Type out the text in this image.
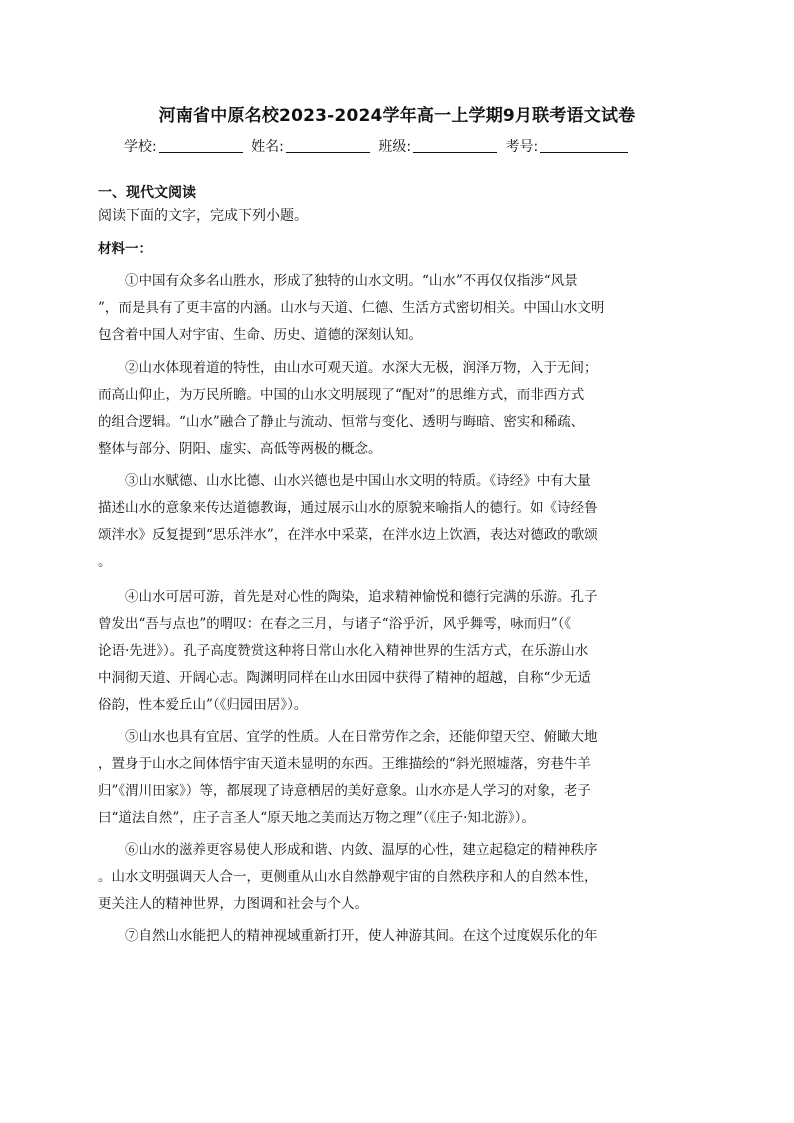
河南省中原名校2023-2024学年高一上学期9月联考语文试卷
学校:	姓名:	班级:	考号:
一、现代文阅读
阅读下面的文字，完成下列小题。
材料一：
　　①中国有众多名山胜水，形成了独特的山水文明。“山水”不再仅仅指涉“风景
”，而是具有了更丰富的内涵。山水与天道、仁德、生活方式密切相关。中国山水文明
包含着中国人对宇宙、生命、历史、道德的深刻认知。
　　②山水体现着道的特性，由山水可观天道。水深大无极，润泽万物，入于无间；
而高山仰止，为万民所瞻。中国的山水文明展现了“配对”的思维方式，而非西方式
的组合逻辑。“山水”融合了静止与流动、恒常与变化、透明与晦暗、密实和稀疏、
整体与部分、阴阳、虚实、高低等两极的概念。
　　③山水赋德、山水比德、山水兴德也是中国山水文明的特质。《诗经》中有大量
描述山水的意象来传达道德教诲，通过展示山水的原貌来喻指人的德行。如《诗经鲁
颂泮水》反复提到“思乐泮水”，在泮水中采菜，在泮水边上饮酒，表达对德政的歌颂
。
　　④山水可居可游，首先是对心性的陶染，追求精神愉悦和德行完满的乐游。孔子
曾发出“吾与点也”的喟叹：在春之三月，与诸子“浴乎沂，风乎舞雩，咏而归”（《
论语·先进》）。孔子高度赞赏这种将日常山水化入精神世界的生活方式，在乐游山水
中洞彻天道、开阔心志。陶渊明同样在山水田园中获得了精神的超越，自称“少无适
俗韵，性本爱丘山”（《归园田居》）。
　　⑤山水也具有宜居、宜学的性质。人在日常劳作之余，还能仰望天空、俯瞰大地
，置身于山水之间体悟宇宙天道未显明的东西。王维描绘的“斜光照墟落，穷巷牛羊
归”《渭川田家》）等，都展现了诗意栖居的美好意象。山水亦是人学习的对象，老子
曰“道法自然”，庄子言圣人“原天地之美而达万物之理”（《庄子·知北游》）。
　　⑥山水的滋养更容易使人形成和谐、内敛、温厚的心性，建立起稳定的精神秩序
。山水文明强调天人合一，更侧重从山水自然静观宇宙的自然秩序和人的自然本性，
更关注人的精神世界，力图调和社会与个人。
　　⑦自然山水能把人的精神视域重新打开，使人神游其间。在这个过度娱乐化的年
